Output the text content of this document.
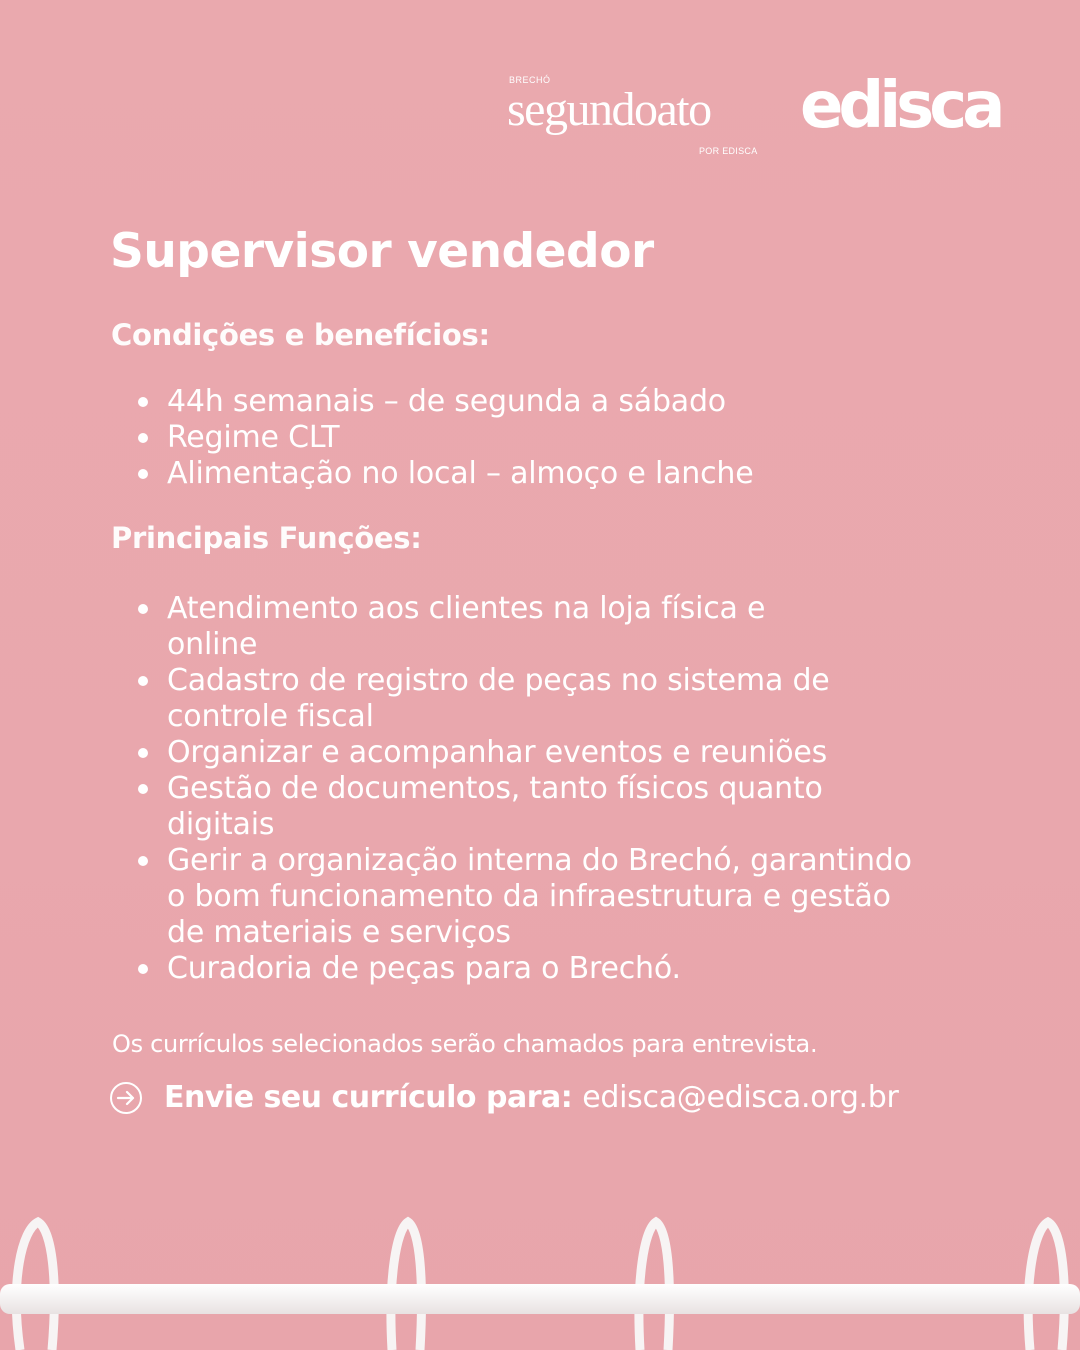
BRECHÓ
segundoato
POR EDISCA
edisca
Supervisor vendedor
Condições e benefícios:
44h semanais – de segunda a sábado
Regime CLT
Alimentação no local – almoço e lanche
Principais Funções:
Atendimento aos clientes na loja física e online
Cadastro de registro de peças no sistema de controle fiscal
Organizar e acompanhar eventos e reuniões
Gestão de documentos, tanto físicos quanto digitais
Gerir a organização interna do Brechó, garantindo o bom funcionamento da infraestrutura e gestão de materiais e serviços
Curadoria de peças para o Brechó.
Os currículos selecionados serão chamados para entrevista.
Envie seu currículo para: edisca@edisca.org.br
